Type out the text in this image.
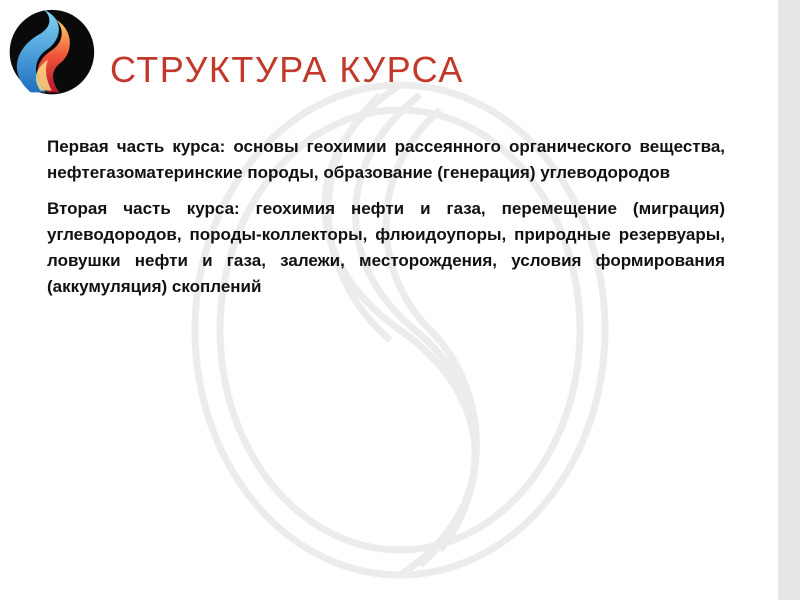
СТРУКТУРА КУРСА

Первая часть курса: основы геохимии рассеянного органического вещества, нефтегазоматеринские породы, образование (генерация) углеводородов

Вторая часть курса: геохимия нефти и газа, перемещение (миграция) углеводородов, породы-коллекторы, флюидоупоры, природные резервуары, ловушки нефти и газа, залежи, месторождения, условия формирования (аккумуляция) скоплений
